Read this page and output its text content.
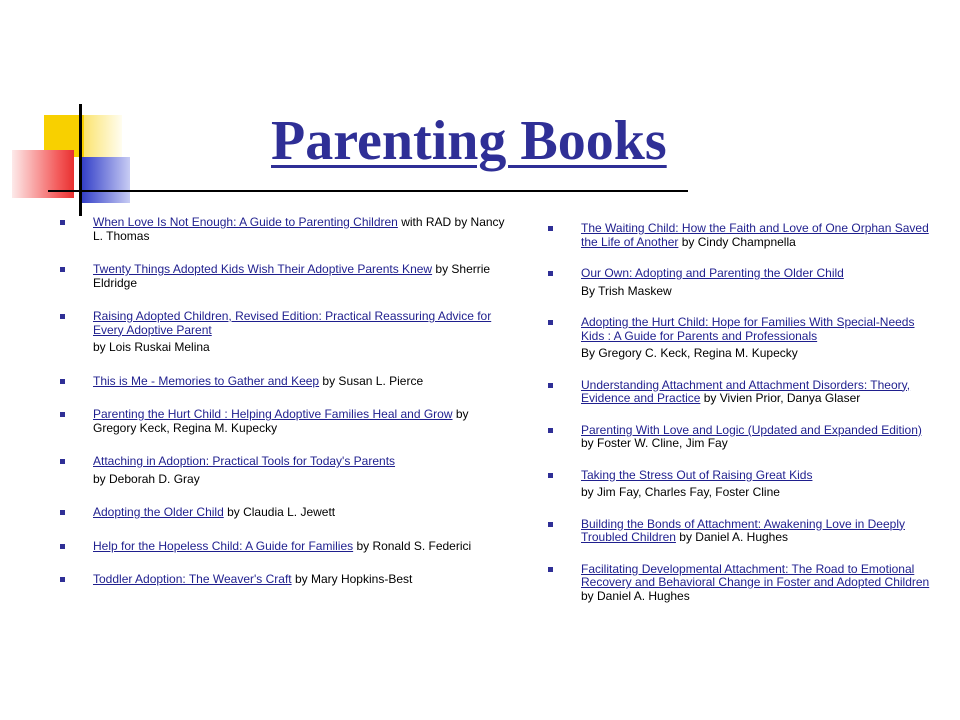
Parenting Books
When Love Is Not Enough: A Guide to Parenting Children with RAD by Nancy L. Thomas
Twenty Things Adopted Kids Wish Their Adoptive Parents Knew by Sherrie Eldridge
Raising Adopted Children, Revised Edition: Practical Reassuring Advice for Every Adoptive Parent
by Lois Ruskai Melina
This is Me - Memories to Gather and Keep by Susan L. Pierce
Parenting the Hurt Child : Helping Adoptive Families Heal and Grow by Gregory Keck, Regina M. Kupecky
Attaching in Adoption: Practical Tools for Today's Parents
by Deborah D. Gray
Adopting the Older Child by Claudia L. Jewett
Help for the Hopeless Child: A Guide for Families by Ronald S. Federici
Toddler Adoption: The Weaver's Craft by Mary Hopkins-Best
The Waiting Child: How the Faith and Love of One Orphan Saved the Life of Another by Cindy Champnella
Our Own: Adopting and Parenting the Older Child
By Trish Maskew
Adopting the Hurt Child: Hope for Families With Special-Needs Kids : A Guide for Parents and Professionals
By Gregory C. Keck, Regina M. Kupecky
Understanding Attachment and Attachment Disorders: Theory, Evidence and Practice by Vivien Prior, Danya Glaser
Parenting With Love and Logic (Updated and Expanded Edition) by Foster W. Cline, Jim Fay
Taking the Stress Out of Raising Great Kids
by Jim Fay, Charles Fay, Foster Cline
Building the Bonds of Attachment: Awakening Love in Deeply Troubled Children by Daniel A. Hughes
Facilitating Developmental Attachment: The Road to Emotional Recovery and Behavioral Change in Foster and Adopted Children by Daniel A. Hughes
